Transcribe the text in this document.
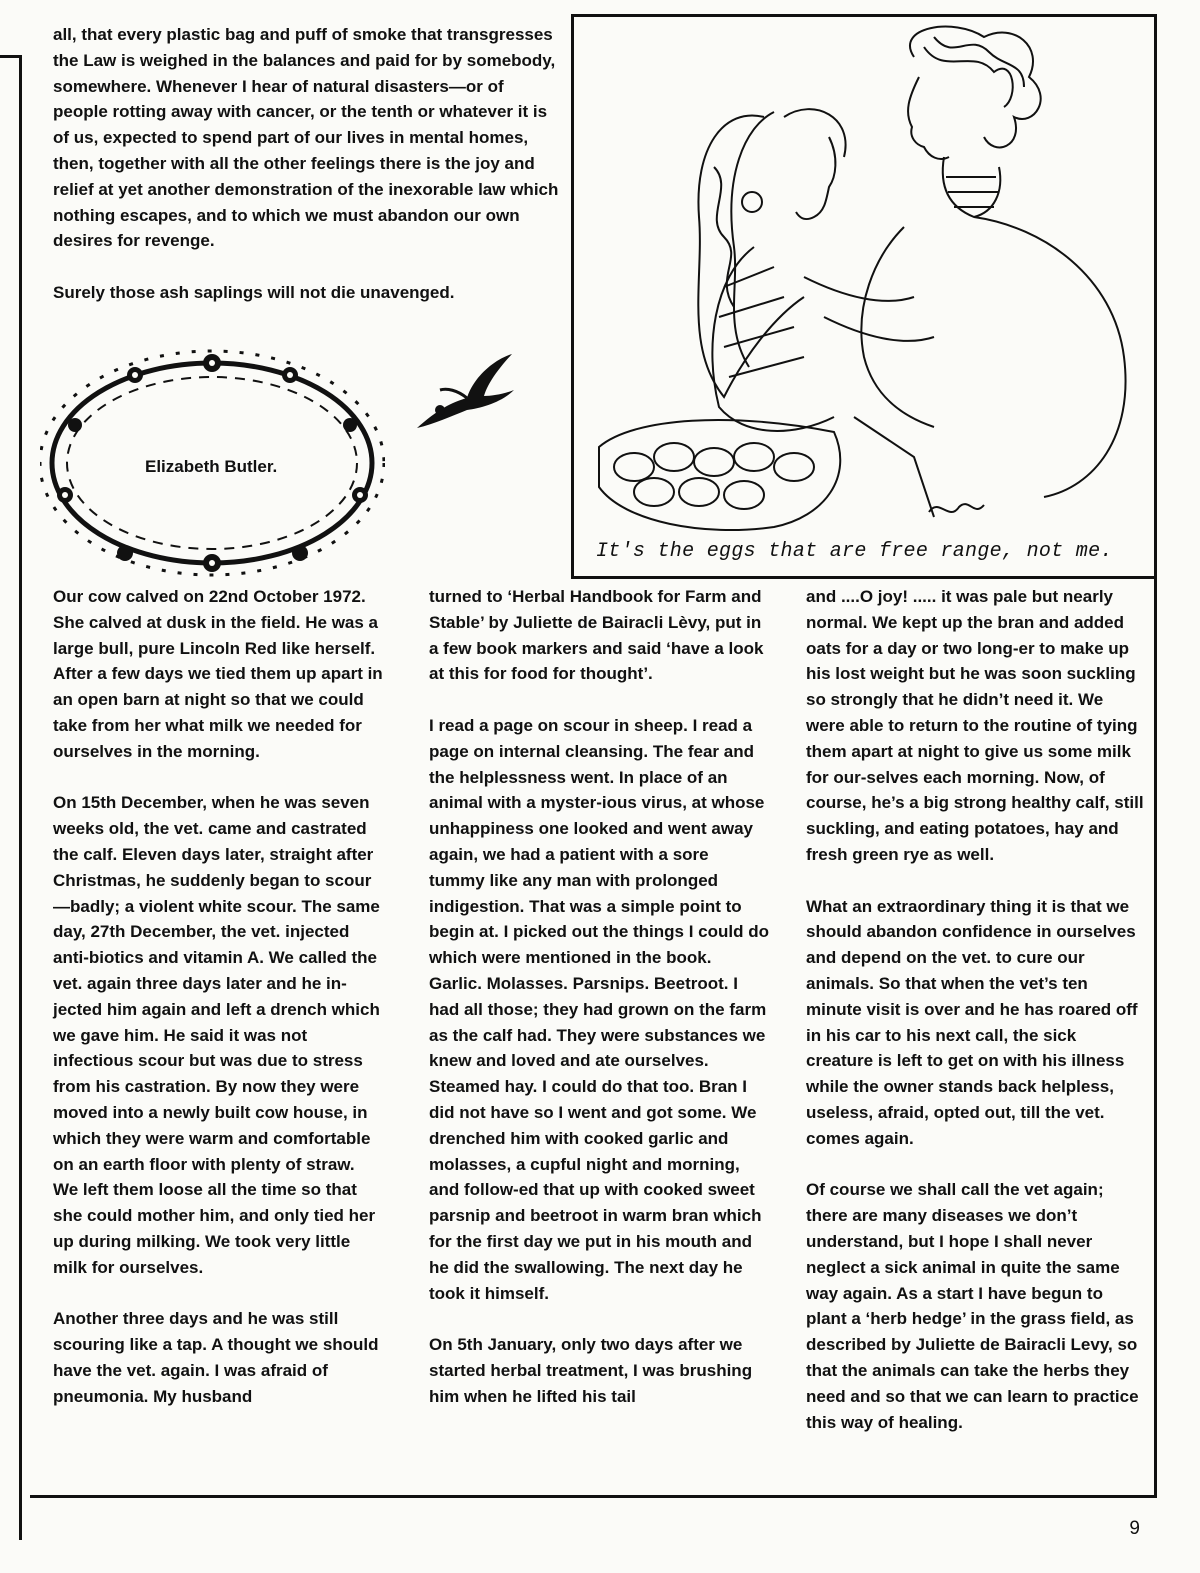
all, that every plastic bag and puff of smoke that transgresses the Law is weighed in the balances and paid for by somebody, somewhere. Whenever I hear of natural disasters—or of people rotting away with cancer, or the tenth or whatever it is of us, expected to spend part of our lives in mental homes, then, together with all the other feelings there is the joy and relief at yet another demonstration of the inexorable law which nothing escapes, and to which we must abandon our own desires for revenge.

Surely those ash saplings will not die unavenged.

Elizabeth Butler.
It's the eggs that are free range, not me.

Our cow calved on 22nd October 1972. She calved at dusk in the field. He was a large bull, pure Lincoln Red like herself. After a few days we tied them up apart in an open barn at night so that we could take from her what milk we needed for ourselves in the morning.

On 15th December, when he was seven weeks old, the vet. came and castrated the calf. Eleven days later, straight after Christmas, he suddenly began to scour—badly; a violent white scour. The same day, 27th December, the vet. injected anti-biotics and vitamin A. We called the vet. again three days later and he in-jected him again and left a drench which we gave him. He said it was not infectious scour but was due to stress from his castration. By now they were moved into a newly built cow house, in which they were warm and comfortable on an earth floor with plenty of straw. We left them loose all the time so that she could mother him, and only tied her up during milking. We took very little milk for ourselves.

Another three days and he was still scouring like a tap. A thought we should have the vet. again. I was afraid of pneumonia. My husband

turned to ‘Herbal Handbook for Farm and Stable’ by Juliette de Bairacli Lèvy, put in a few book markers and said ‘have a look at this for food for thought’.

I read a page on scour in sheep. I read a page on internal cleansing. The fear and the helplessness went. In place of an animal with a myster-ious virus, at whose unhappiness one looked and went away again, we had a patient with a sore tummy like any man with prolonged indigestion. That was a simple point to begin at. I picked out the things I could do which were mentioned in the book. Garlic. Molasses. Parsnips. Beetroot. I had all those; they had grown on the farm as the calf had. They were substances we knew and loved and ate ourselves. Steamed hay. I could do that too. Bran I did not have so I went and got some. We drenched him with cooked garlic and molasses, a cupful night and morning, and follow-ed that up with cooked sweet parsnip and beetroot in warm bran which for the first day we put in his mouth and he did the swallowing. The next day he took it himself.

On 5th January, only two days after we started herbal treatment, I was brushing him when he lifted his tail

and ....O joy! ..... it was pale but nearly normal. We kept up the bran and added oats for a day or two long-er to make up his lost weight but he was soon suckling so strongly that he didn’t need it. We were able to return to the routine of tying them apart at night to give us some milk for our-selves each morning. Now, of course, he’s a big strong healthy calf, still suckling, and eating potatoes, hay and fresh green rye as well.

What an extraordinary thing it is that we should abandon confidence in ourselves and depend on the vet. to cure our animals. So that when the vet’s ten minute visit is over and he has roared off in his car to his next call, the sick creature is left to get on with his illness while the owner stands back helpless, useless, afraid, opted out, till the vet. comes again.

Of course we shall call the vet again; there are many diseases we don’t understand, but I hope I shall never neglect a sick animal in quite the same way again. As a start I have begun to plant a ‘herb hedge’ in the grass field, as described by Juliette de Bairacli Levy, so that the animals can take the herbs they need and so that we can learn to practice this way of healing.

9
